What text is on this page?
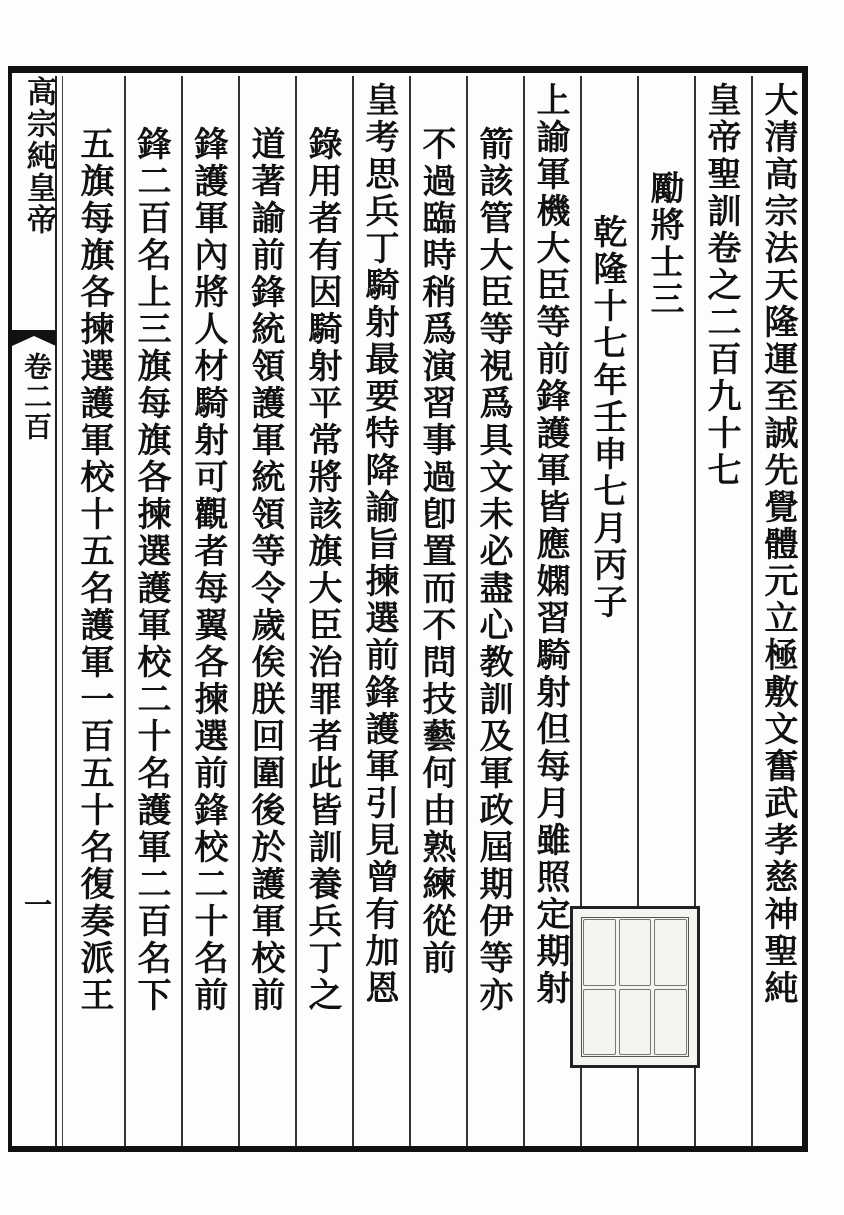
高宗純皇帝
卷二百
一	大清高宗法天隆運至誠先覺體元立極敷文奮武孝慈神聖純
皇帝聖訓卷之二百九十七
勵將士三
乾隆十七年壬申七月丙子
上諭軍機大臣等前鋒護軍皆應嫻習騎射但每月雖照定期射
箭該管大臣等視爲具文未必盡心教訓及軍政屆期伊等亦
不過臨時稍爲演習事過卽置而不問技藝何由熟練從前
皇考思兵丁騎射最要特降諭旨揀選前鋒護軍引見曾有加恩
錄用者有因騎射平常將該旗大臣治罪者此皆訓養兵丁之
道著諭前鋒統領護軍統領等令歲俟朕回圍後於護軍校前
鋒護軍內將人材騎射可觀者每翼各揀選前鋒校二十名前
鋒二百名上三旗每旗各揀選護軍校二十名護軍二百名下
五旗每旗各揀選護軍校十五名護軍一百五十名復奏派王
